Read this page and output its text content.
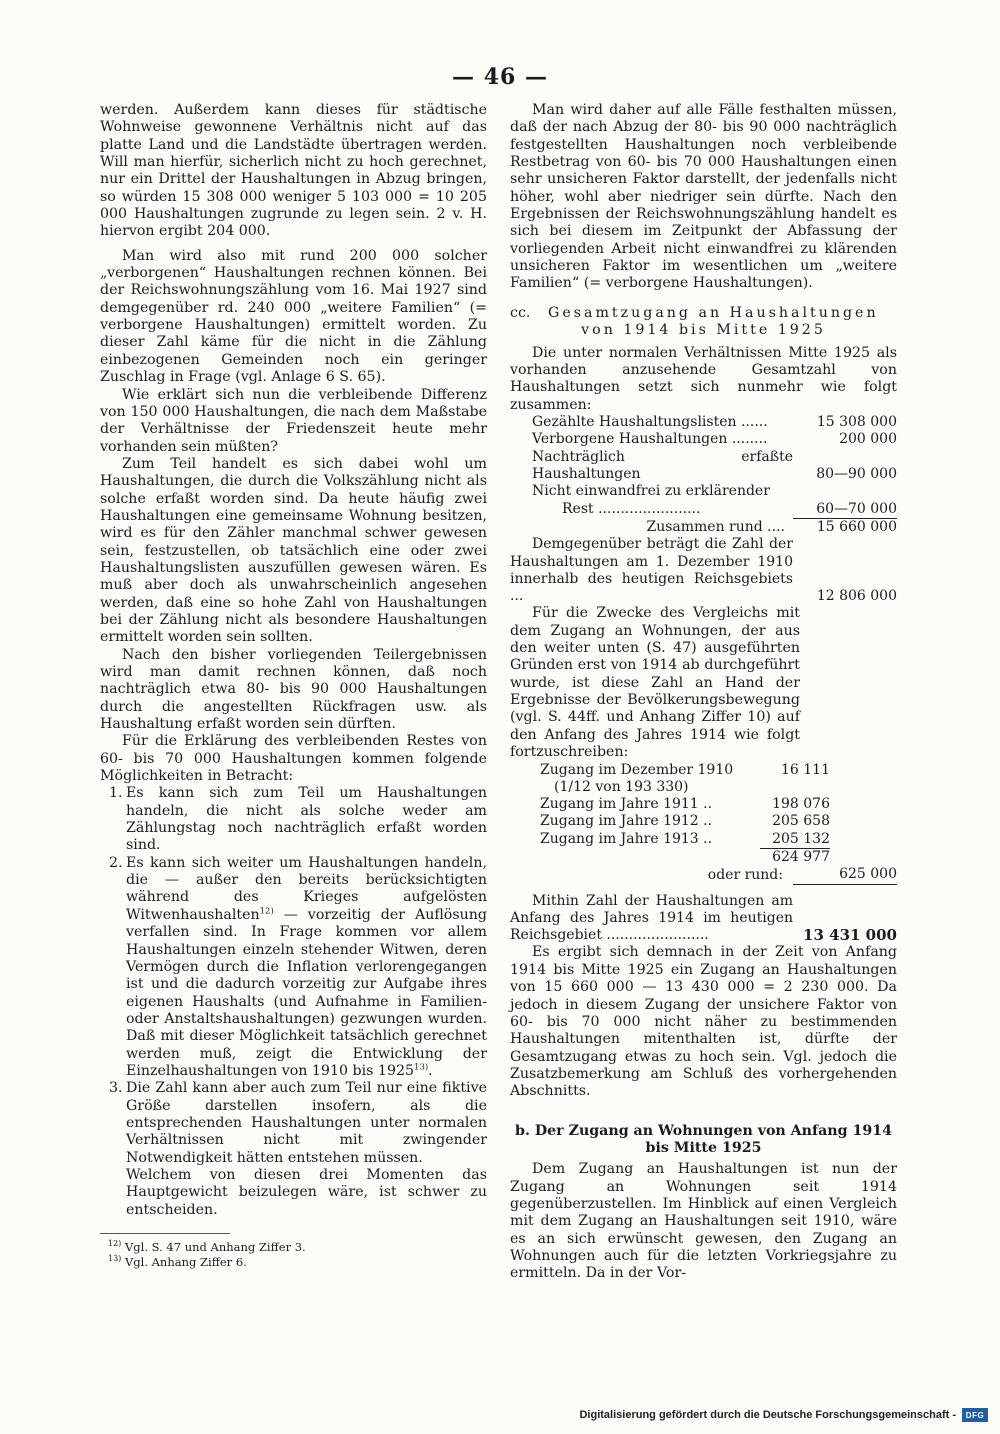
— 46 —

werden. Außerdem kann dieses für städtische Wohnweise gewonnene Verhältnis nicht auf das platte Land und die Landstädte übertragen werden. Will man hierfür, sicherlich nicht zu hoch gerechnet, nur ein Drittel der Haushaltungen in Abzug bringen, so würden 15 308 000 weniger 5 103 000 = 10 205 000 Haushaltungen zugrunde zu legen sein. 2 v. H. hiervon ergibt 204 000.

Man wird also mit rund 200 000 solcher „verborgenen“ Haushaltungen rechnen können. Bei der Reichswohnungszählung vom 16. Mai 1927 sind demgegenüber rd. 240 000 „weitere Familien“ (= verborgene Haushaltungen) ermittelt worden. Zu dieser Zahl käme für die nicht in die Zählung einbezogenen Gemeinden noch ein geringer Zuschlag in Frage (vgl. Anlage 6 S. 65).

Wie erklärt sich nun die verbleibende Differenz von 150 000 Haushaltungen, die nach dem Maßstabe der Verhältnisse der Friedenszeit heute mehr vorhanden sein müßten?

Zum Teil handelt es sich dabei wohl um Haushaltungen, die durch die Volkszählung nicht als solche erfaßt worden sind. Da heute häufig zwei Haushaltungen eine gemeinsame Wohnung besitzen, wird es für den Zähler manchmal schwer gewesen sein, festzustellen, ob tatsächlich eine oder zwei Haushaltungslisten auszufüllen gewesen wären. Es muß aber doch als unwahrscheinlich angesehen werden, daß eine so hohe Zahl von Haushaltungen bei der Zählung nicht als besondere Haushaltungen ermittelt worden sein sollten.

Nach den bisher vorliegenden Teilergebnissen wird man damit rechnen können, daß noch nachträglich etwa 80- bis 90 000 Haushaltungen durch die angestellten Rückfragen usw. als Haushaltung erfaßt worden sein dürften.

Für die Erklärung des verbleibenden Restes von 60- bis 70 000 Haushaltungen kommen folgende Möglichkeiten in Betracht:

1. Es kann sich zum Teil um Haushaltungen handeln, die nicht als solche weder am Zählungstag noch nachträglich erfaßt worden sind.
2. Es kann sich weiter um Haushaltungen handeln, die — außer den bereits berücksichtigten während des Krieges aufgelösten Witwenhaushalten$^{12)}$ — vorzeitig der Auflösung verfallen sind. In Frage kommen vor allem Haushaltungen einzeln stehender Witwen, deren Vermögen durch die Inflation verlorengegangen ist und die dadurch vorzeitig zur Aufgabe ihres eigenen Haushalts (und Aufnahme in Familien- oder Anstaltshaushaltungen) gezwungen wurden. Daß mit dieser Möglichkeit tatsächlich gerechnet werden muß, zeigt die Entwicklung der Einzelhaushaltungen von 1910 bis 1925$^{13)}$.
3. Die Zahl kann aber auch zum Teil nur eine fiktive Größe darstellen insofern, als die entsprechenden Haushaltungen unter normalen Verhältnissen nicht mit zwingender Notwendigkeit hätten entstehen müssen.

Welchem von diesen drei Momenten das Hauptgewicht beizulegen wäre, ist schwer zu entscheiden.

$^{12)}$ Vgl. S. 47 und Anhang Ziffer 3.
$^{13)}$ Vgl. Anhang Ziffer 6.

Man wird daher auf alle Fälle festhalten müssen, daß der nach Abzug der 80- bis 90 000 nachträglich festgestellten Haushaltungen noch verbleibende Restbetrag von 60- bis 70 000 Haushaltungen einen sehr unsicheren Faktor darstellt, der jedenfalls nicht höher, wohl aber niedriger sein dürfte. Nach den Ergebnissen der Reichswohnungszählung handelt es sich bei diesem im Zeitpunkt der Abfassung der vorliegenden Arbeit nicht einwandfrei zu klärenden unsicheren Faktor im wesentlichen um „weitere Familien“ (= verborgene Haushaltungen).

cc.	Gesamtzugang an Haushaltungen
von 1914 bis Mitte 1925

Die unter normalen Verhältnissen Mitte 1925 als vorhanden anzusehende Gesamtzahl von Haushaltungen setzt sich nunmehr wie folgt zusammen:

Gezählte Haushaltungslisten ......	15 308 000
Verborgene Haushaltungen ........	200 000
Nachträglich erfaßte Haushaltungen	80—90 000
Nicht einwandfrei zu erklärender	
Rest .......................	60—70 000
Zusammen rund ....	15 660 000
Demgegenüber beträgt die Zahl der Haushaltungen am 1. Dezember 1910 innerhalb des heutigen Reichsgebiets ...	12 806 000

Für die Zwecke des Vergleichs mit dem Zugang an Wohnungen, der aus den weiter unten (S. 47) ausgeführten Gründen erst von 1914 ab durchgeführt wurde, ist diese Zahl an Hand der Ergebnisse der Bevölkerungsbewegung (vgl. S. 44ff. und Anhang Ziffer 10) auf den Anfang des Jahres 1914 wie folgt fortzuschreiben:

Zugang im Dezember 1910	16 111
(1/12 von 193 330)	
Zugang im Jahre 1911 ..	198 076
Zugang im Jahre 1912 ..	205 658
Zugang im Jahre 1913 ..	205 132
	624 977
oder rund:	625 000
Mithin Zahl der Haushaltungen am Anfang des Jahres 1914 im heutigen Reichsgebiet .......................	13 431 000

Es ergibt sich demnach in der Zeit von Anfang 1914 bis Mitte 1925 ein Zugang an Haushaltungen von 15 660 000 — 13 430 000 = 2 230 000. Da jedoch in diesem Zugang der unsichere Faktor von 60- bis 70 000 nicht näher zu bestimmenden Haushaltungen mitenthalten ist, dürfte der Gesamtzugang etwas zu hoch sein. Vgl. jedoch die Zusatzbemerkung am Schluß des vorhergehenden Abschnitts.

b. Der Zugang an Wohnungen von Anfang 1914
bis Mitte 1925

Dem Zugang an Haushaltungen ist nun der Zugang an Wohnungen seit 1914 gegenüberzustellen. Im Hinblick auf einen Vergleich mit dem Zugang an Haushaltungen seit 1910, wäre es an sich erwünscht gewesen, den Zugang an Wohnungen auch für die letzten Vorkriegsjahre zu ermitteln. Da in der Vor-

Digitalisierung gefördert durch die Deutsche Forschungsgemeinschaft -	DFG
